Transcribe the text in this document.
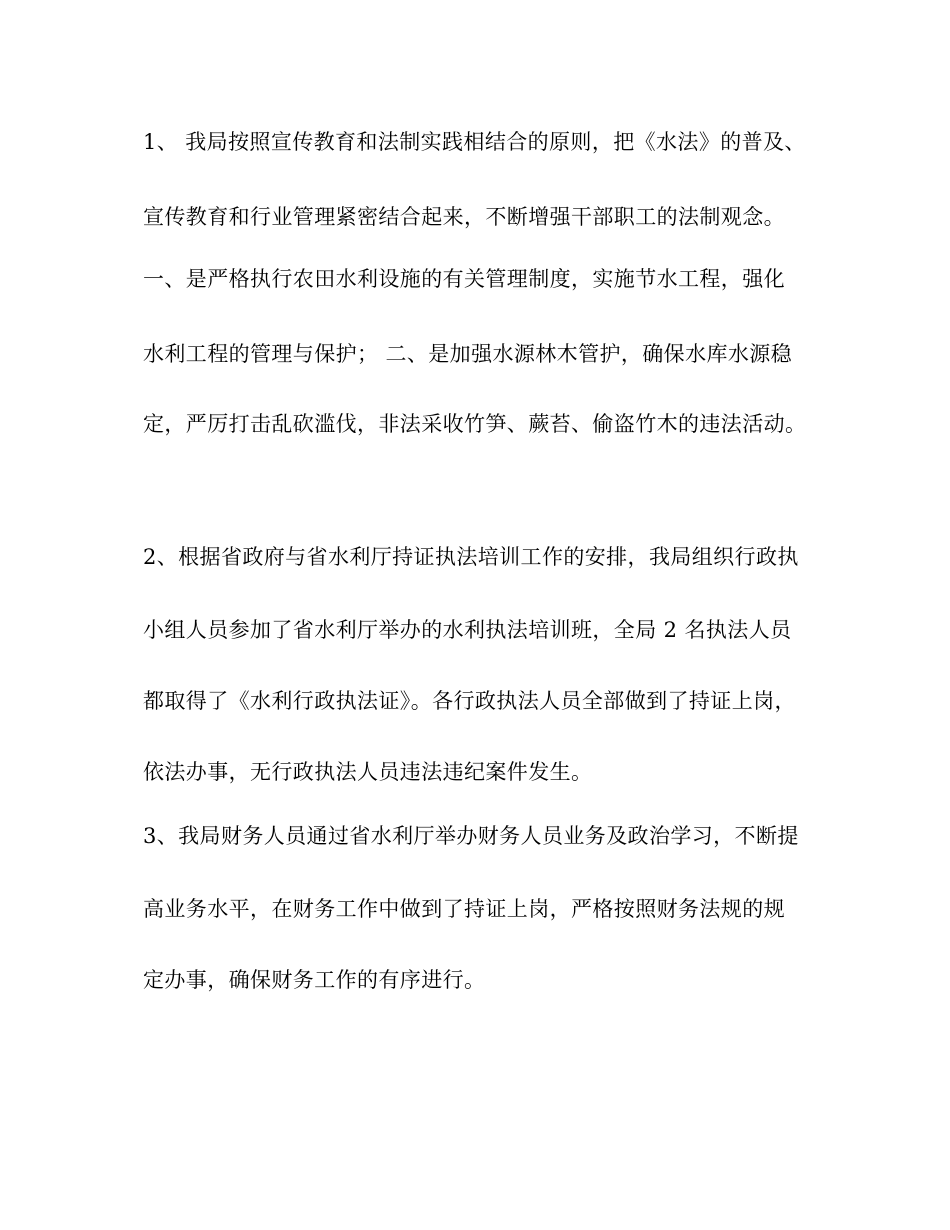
1、 我局按照宣传教育和法制实践相结合的原则，把《水法》的普及、
宣传教育和行业管理紧密结合起来，不断增强干部职工的法制观念。
一、是严格执行农田水利设施的有关管理制度，实施节水工程，强化
水利工程的管理与保护； 二、是加强水源林木管护，确保水库水源稳
定，严厉打击乱砍滥伐，非法采收竹笋、蕨苔、偷盗竹木的违法活动。
2、根据省政府与省水利厅持证执法培训工作的安排，我局组织行政执
小组人员参加了省水利厅举办的水利执法培训班，全局 2 名执法人员
都取得了《水利行政执法证》。各行政执法人员全部做到了持证上岗，
依法办事，无行政执法人员违法违纪案件发生。
3、我局财务人员通过省水利厅举办财务人员业务及政治学习，不断提
高业务水平，在财务工作中做到了持证上岗，严格按照财务法规的规
定办事，确保财务工作的有序进行。
